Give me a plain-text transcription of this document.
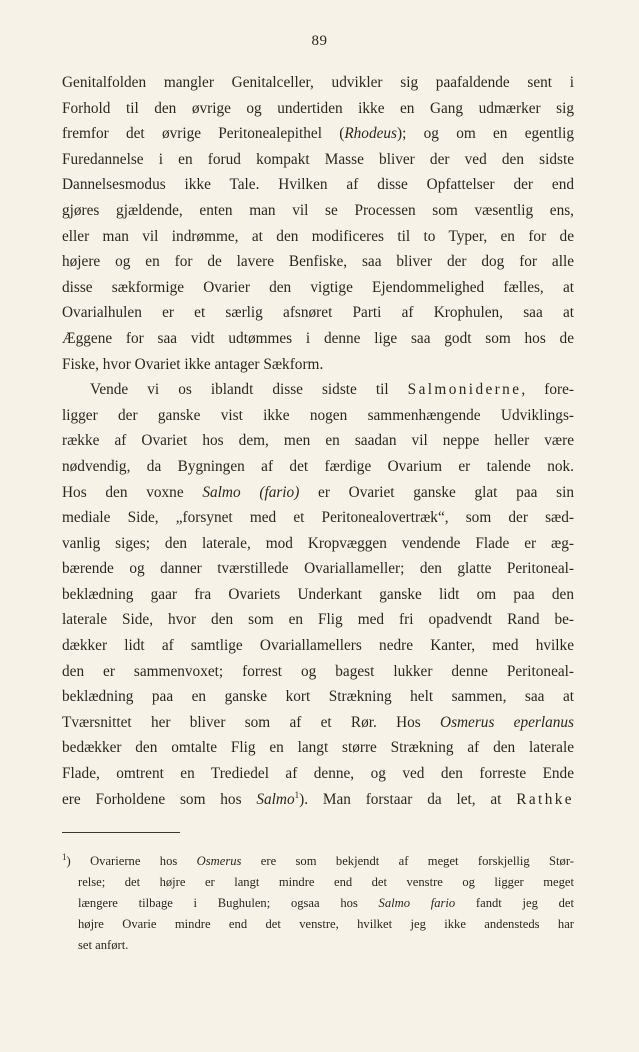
89
Genitalfolden mangler Genitalceller, udvikler sig paafaldende sent i
Forhold til den øvrige og undertiden ikke en Gang udmærker sig
fremfor det øvrige Peritonealepithel (Rhodeus); og om en egentlig
Furedannelse i en forud kompakt Masse bliver der ved den sidste
Dannelsesmodus ikke Tale. Hvilken af disse Opfattelser der end
gjøres gjældende, enten man vil se Processen som væsentlig ens,
eller man vil indrømme, at den modificeres til to Typer, en for de
højere og en for de lavere Benfiske, saa bliver der dog for alle
disse sækformige Ovarier den vigtige Ejendommelighed fælles, at
Ovarialhulen er et særlig afsnøret Parti af Krophulen, saa at
Æggene for saa vidt udtømmes i denne lige saa godt som hos de
Fiske, hvor Ovariet ikke antager Sækform.
Vende vi os iblandt disse sidste til Salmoniderne, fore-
ligger der ganske vist ikke nogen sammenhængende Udviklings-
række af Ovariet hos dem, men en saadan vil neppe heller være
nødvendig, da Bygningen af det færdige Ovarium er talende nok.
Hos den voxne Salmo (fario) er Ovariet ganske glat paa sin
mediale Side, „forsynet med et Peritonealovertræk“, som der sæd-
vanlig siges; den laterale, mod Kropvæggen vendende Flade er æg-
bærende og danner tværstillede Ovariallameller; den glatte Peritoneal-
beklædning gaar fra Ovariets Underkant ganske lidt om paa den
laterale Side, hvor den som en Flig med fri opadvendt Rand be-
dækker lidt af samtlige Ovariallamellers nedre Kanter, med hvilke
den er sammenvoxet; forrest og bagest lukker denne Peritoneal-
beklædning paa en ganske kort Strækning helt sammen, saa at
Tværsnittet her bliver som af et Rør. Hos Osmerus eperlanus
bedækker den omtalte Flig en langt større Strækning af den laterale
Flade, omtrent en Trediedel af denne, og ved den forreste Ende
ere Forholdene som hos Salmo$^1$). Man forstaar da let, at Rathke
$^1$) Ovarierne hos Osmerus ere som bekjendt af meget forskjellig Stør-
relse; det højre er langt mindre end det venstre og ligger meget
længere tilbage i Bughulen; ogsaa hos Salmo fario fandt jeg det
højre Ovarie mindre end det venstre, hvilket jeg ikke andensteds har
set anført.
